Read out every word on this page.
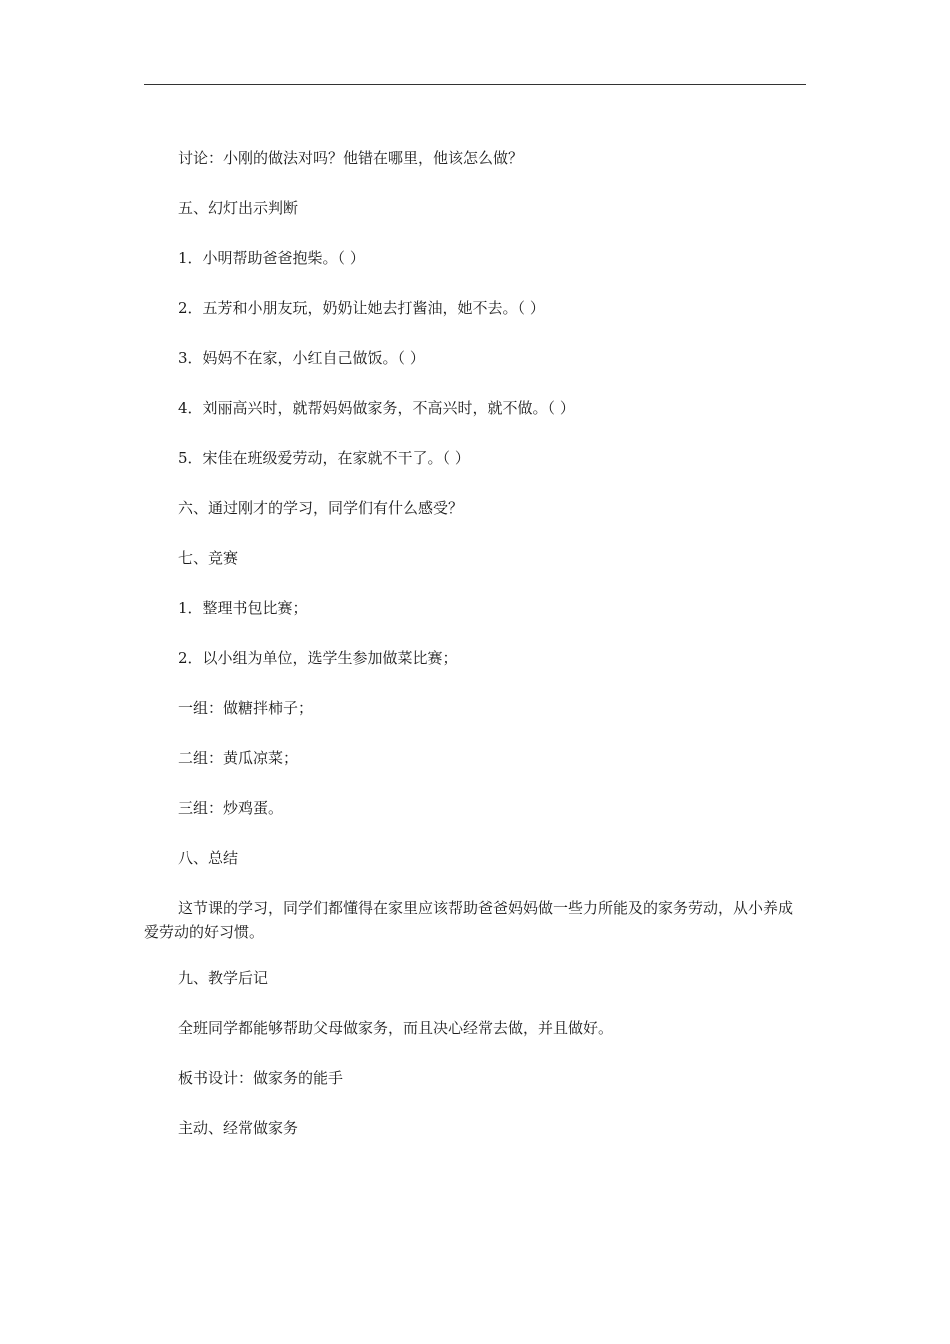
讨论：小刚的做法对吗？他错在哪里，他该怎么做？

五、幻灯出示判断

1．小明帮助爸爸抱柴。（ ）

2．五芳和小朋友玩，奶奶让她去打酱油，她不去。（ ）

3．妈妈不在家，小红自己做饭。（ ）

4．刘丽高兴时，就帮妈妈做家务，不高兴时，就不做。（ ）

5．宋佳在班级爱劳动，在家就不干了。（ ）

六、通过刚才的学习，同学们有什么感受？

七、竞赛

1．整理书包比赛；

2．以小组为单位，选学生参加做菜比赛；

一组：做糖拌柿子；

二组：黄瓜凉菜；

三组：炒鸡蛋。

八、总结

这节课的学习，同学们都懂得在家里应该帮助爸爸妈妈做一些力所能及的家务劳动，从小养成爱劳动的好习惯。

九、教学后记

全班同学都能够帮助父母做家务，而且决心经常去做，并且做好。

板书设计：做家务的能手

主动、经常做家务
